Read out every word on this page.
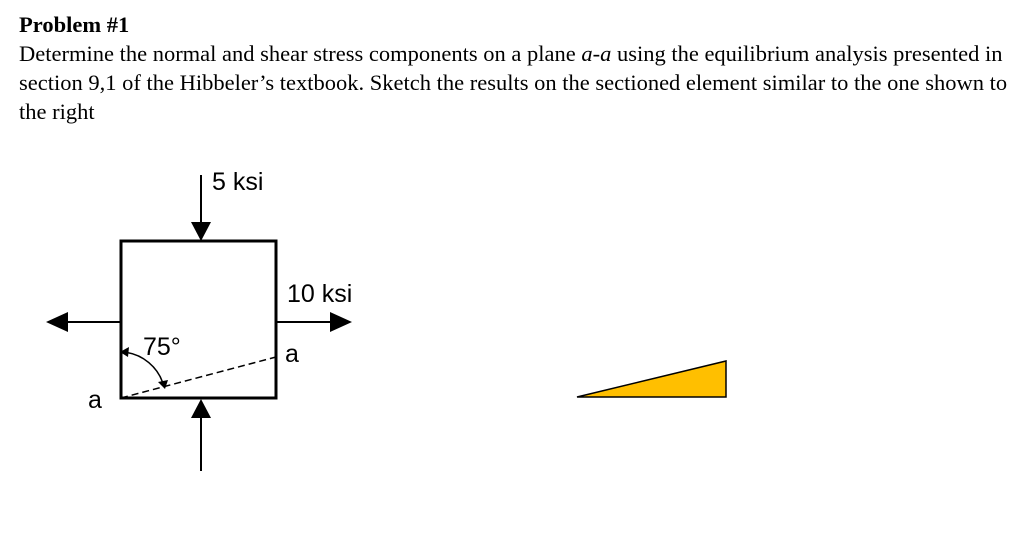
Problem #1
Determine the normal and shear stress components on a plane a-a using the equilibrium analysis presented in section 9,1 of the Hibbeler’s textbook. Sketch the results on the sectioned element similar to the one shown to the right
5 ksi
10 ksi
75°	a
a
